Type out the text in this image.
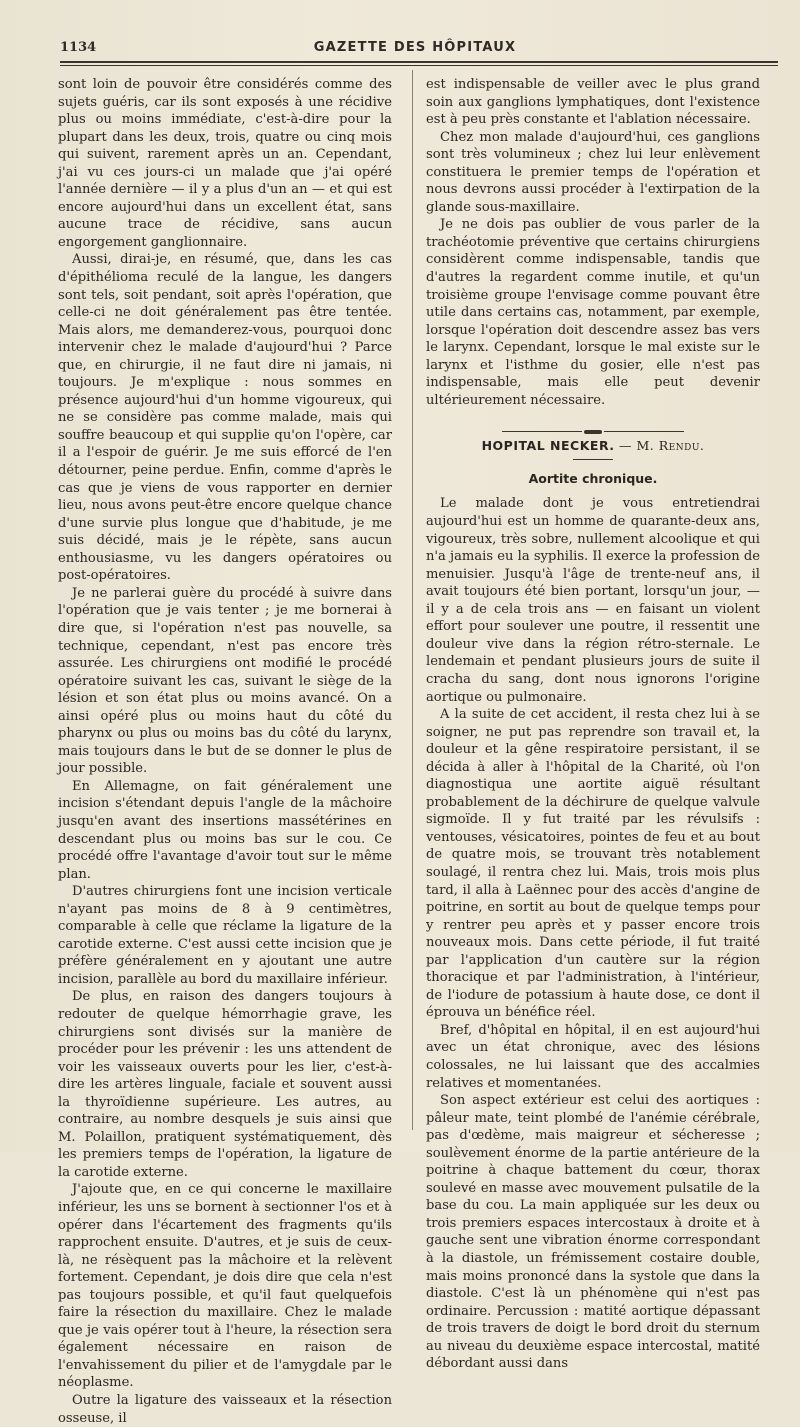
1134	GAZETTE DES HÔPITAUX

sont loin de pouvoir être considérés comme des sujets guéris, car ils sont exposés à une récidive plus ou moins immédiate, c'est-à-dire pour la plupart dans les deux, trois, quatre ou cinq mois qui suivent, rarement après un an. Cependant, j'ai vu ces jours-ci un malade que j'ai opéré l'année dernière — il y a plus d'un an — et qui est encore aujourd'hui dans un excellent état, sans aucune trace de récidive, sans aucun engorgement ganglionnaire.

Aussi, dirai-je, en résumé, que, dans les cas d'épithélioma reculé de la langue, les dangers sont tels, soit pendant, soit après l'opération, que celle-ci ne doit généralement pas être tentée. Mais alors, me demanderez-vous, pourquoi donc intervenir chez le malade d'aujourd'hui ? Parce que, en chirurgie, il ne faut dire ni jamais, ni toujours. Je m'explique : nous sommes en présence aujourd'hui d'un homme vigoureux, qui ne se considère pas comme malade, mais qui souffre beaucoup et qui supplie qu'on l'opère, car il a l'espoir de guérir. Je me suis efforcé de l'en détourner, peine perdue. Enfin, comme d'après le cas que je viens de vous rapporter en dernier lieu, nous avons peut-être encore quelque chance d'une survie plus longue que d'habitude, je me suis décidé, mais je le répète, sans aucun enthousiasme, vu les dangers opératoires ou post-opératoires.

Je ne parlerai guère du procédé à suivre dans l'opération que je vais tenter ; je me bornerai à dire que, si l'opération n'est pas nouvelle, sa technique, cependant, n'est pas encore très assurée. Les chirurgiens ont modifié le procédé opératoire suivant les cas, suivant le siège de la lésion et son état plus ou moins avancé. On a ainsi opéré plus ou moins haut du côté du pharynx ou plus ou moins bas du côté du larynx, mais toujours dans le but de se donner le plus de jour possible.

En Allemagne, on fait généralement une incision s'étendant depuis l'angle de la mâchoire jusqu'en avant des insertions massétérines en descendant plus ou moins bas sur le cou. Ce procédé offre l'avantage d'avoir tout sur le même plan.

D'autres chirurgiens font une incision verticale n'ayant pas moins de 8 à 9 centimètres, comparable à celle que réclame la ligature de la carotide externe. C'est aussi cette incision que je préfère généralement en y ajoutant une autre incision, parallèle au bord du maxillaire inférieur.

De plus, en raison des dangers toujours à redouter de quelque hémorrhagie grave, les chirurgiens sont divisés sur la manière de procéder pour les prévenir : les uns attendent de voir les vaisseaux ouverts pour les lier, c'est-à-dire les artères linguale, faciale et souvent aussi la thyroïdienne supérieure. Les autres, au contraire, au nombre desquels je suis ainsi que M. Polaillon, pratiquent systématiquement, dès les premiers temps de l'opération, la ligature de la carotide externe.

J'ajoute que, en ce qui concerne le maxillaire inférieur, les uns se bornent à sectionner l'os et à opérer dans l'écartement des fragments qu'ils rapprochent ensuite. D'autres, et je suis de ceux-là, ne résèquent pas la mâchoire et la relèvent fortement. Cependant, je dois dire que cela n'est pas toujours possible, et qu'il faut quelquefois faire la résection du maxillaire. Chez le malade que je vais opérer tout à l'heure, la résection sera également nécessaire en raison de l'envahissement du pilier et de l'amygdale par le néoplasme.

Outre la ligature des vaisseaux et la résection osseuse, il

est indispensable de veiller avec le plus grand soin aux ganglions lymphatiques, dont l'existence est à peu près constante et l'ablation nécessaire.

Chez mon malade d'aujourd'hui, ces ganglions sont très volumineux ; chez lui leur enlèvement constituera le premier temps de l'opération et nous devrons aussi procéder à l'extirpation de la glande sous-maxillaire.

Je ne dois pas oublier de vous parler de la trachéotomie préventive que certains chirurgiens considèrent comme indispensable, tandis que d'autres la regardent comme inutile, et qu'un troisième groupe l'envisage comme pouvant être utile dans certains cas, notamment, par exemple, lorsque l'opération doit descendre assez bas vers le larynx. Cependant, lorsque le mal existe sur le larynx et l'isthme du gosier, elle n'est pas indispensable, mais elle peut devenir ultérieurement nécessaire.

HOPITAL NECKER. — M. Rendu.
Aortite chronique.

Le malade dont je vous entretiendrai aujourd'hui est un homme de quarante-deux ans, vigoureux, très sobre, nullement alcoolique et qui n'a jamais eu la syphilis. Il exerce la profession de menuisier. Jusqu'à l'âge de trente-neuf ans, il avait toujours été bien portant, lorsqu'un jour, — il y a de cela trois ans — en faisant un violent effort pour soulever une poutre, il ressentit une douleur vive dans la région rétro-sternale. Le lendemain et pendant plusieurs jours de suite il cracha du sang, dont nous ignorons l'origine aortique ou pulmonaire.

A la suite de cet accident, il resta chez lui à se soigner, ne put pas reprendre son travail et, la douleur et la gêne respiratoire persistant, il se décida à aller à l'hôpital de la Charité, où l'on diagnostiqua une aortite aiguë résultant probablement de la déchirure de quelque valvule sigmoïde. Il y fut traité par les révulsifs : ventouses, vésicatoires, pointes de feu et au bout de quatre mois, se trouvant très notablement soulagé, il rentra chez lui. Mais, trois mois plus tard, il alla à Laënnec pour des accès d'angine de poitrine, en sortit au bout de quelque temps pour y rentrer peu après et y passer encore trois nouveaux mois. Dans cette période, il fut traité par l'application d'un cautère sur la région thoracique et par l'administration, à l'intérieur, de l'iodure de potassium à haute dose, ce dont il éprouva un bénéfice réel.

Bref, d'hôpital en hôpital, il en est aujourd'hui avec un état chronique, avec des lésions colossales, ne lui laissant que des accalmies relatives et momentanées.

Son aspect extérieur est celui des aortiques : pâleur mate, teint plombé de l'anémie cérébrale, pas d'œdème, mais maigreur et sécheresse ; soulèvement énorme de la partie antérieure de la poitrine à chaque battement du cœur, thorax soulevé en masse avec mouvement pulsatile de la base du cou. La main appliquée sur les deux ou trois premiers espaces intercostaux à droite et à gauche sent une vibration énorme correspondant à la diastole, un frémissement costaire double, mais moins prononcé dans la systole que dans la diastole. C'est là un phénomène qui n'est pas ordinaire. Percussion : matité aortique dépassant de trois travers de doigt le bord droit du sternum au niveau du deuxième espace intercostal, matité débordant aussi dans
